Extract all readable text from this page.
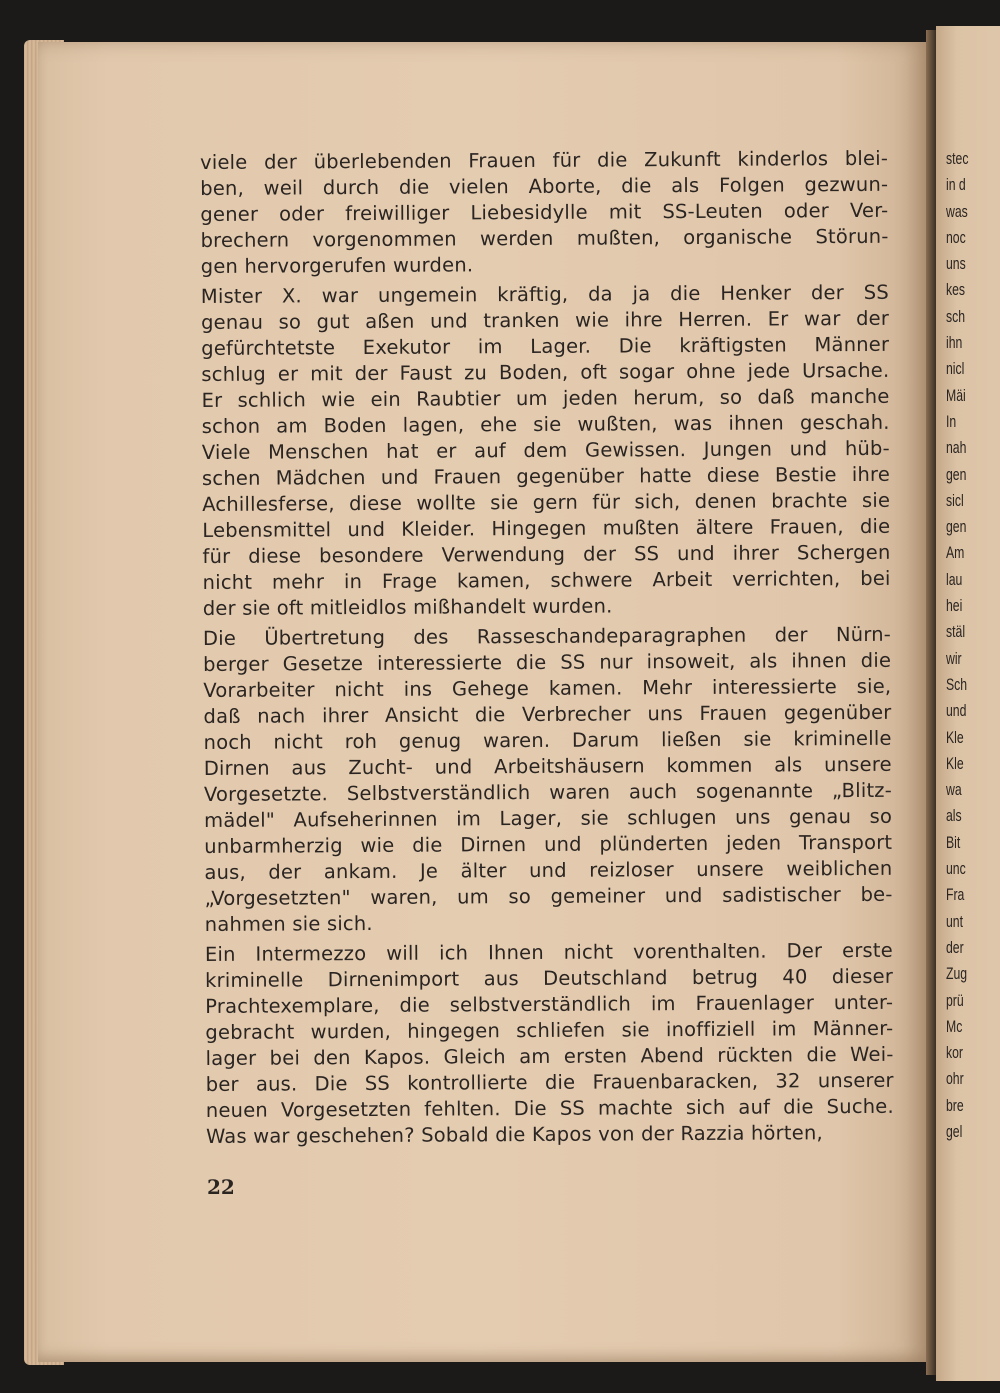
stec
in d
was
noc
uns
kes
sch
ihn
nicl
Mäi
In
nah
gen
sicl
gen
Am
lau
hei
stäl
wir
Sch
und
Kle
Kle
wa
als
Bit
unc
Fra
unt
der
Zug
prü
Mc
kor
ohr
bre
gel
viele der überlebenden Frauen für die Zukunft kinderlos blei-
ben, weil durch die vielen Aborte, die als Folgen gezwun-
gener oder freiwilliger Liebesidylle mit SS-Leuten oder Ver-
brechern vorgenommen werden mußten, organische Störun-
gen hervorgerufen wurden.
Mister X. war ungemein kräftig, da ja die Henker der SS
genau so gut aßen und tranken wie ihre Herren. Er war der
gefürchtetste Exekutor im Lager. Die kräftigsten Männer
schlug er mit der Faust zu Boden, oft sogar ohne jede Ursache.
Er schlich wie ein Raubtier um jeden herum, so daß manche
schon am Boden lagen, ehe sie wußten, was ihnen geschah.
Viele Menschen hat er auf dem Gewissen. Jungen und hüb-
schen Mädchen und Frauen gegenüber hatte diese Bestie ihre
Achillesferse, diese wollte sie gern für sich, denen brachte sie
Lebensmittel und Kleider. Hingegen mußten ältere Frauen, die
für diese besondere Verwendung der SS und ihrer Schergen
nicht mehr in Frage kamen, schwere Arbeit verrichten, bei
der sie oft mitleidlos mißhandelt wurden.
Die Übertretung des Rasseschandeparagraphen der Nürn-
berger Gesetze interessierte die SS nur insoweit, als ihnen die
Vorarbeiter nicht ins Gehege kamen. Mehr interessierte sie,
daß nach ihrer Ansicht die Verbrecher uns Frauen gegenüber
noch nicht roh genug waren. Darum ließen sie kriminelle
Dirnen aus Zucht- und Arbeitshäusern kommen als unsere
Vorgesetzte. Selbstverständlich waren auch sogenannte „Blitz-
mädel" Aufseherinnen im Lager, sie schlugen uns genau so
unbarmherzig wie die Dirnen und plünderten jeden Transport
aus, der ankam. Je älter und reizloser unsere weiblichen
„Vorgesetzten" waren, um so gemeiner und sadistischer be-
nahmen sie sich.
Ein Intermezzo will ich Ihnen nicht vorenthalten. Der erste
kriminelle Dirnenimport aus Deutschland betrug 40 dieser
Prachtexemplare, die selbstverständlich im Frauenlager unter-
gebracht wurden, hingegen schliefen sie inoffiziell im Männer-
lager bei den Kapos. Gleich am ersten Abend rückten die Wei-
ber aus. Die SS kontrollierte die Frauenbaracken, 32 unserer
neuen Vorgesetzten fehlten. Die SS machte sich auf die Suche.
Was war geschehen? Sobald die Kapos von der Razzia hörten,
22
